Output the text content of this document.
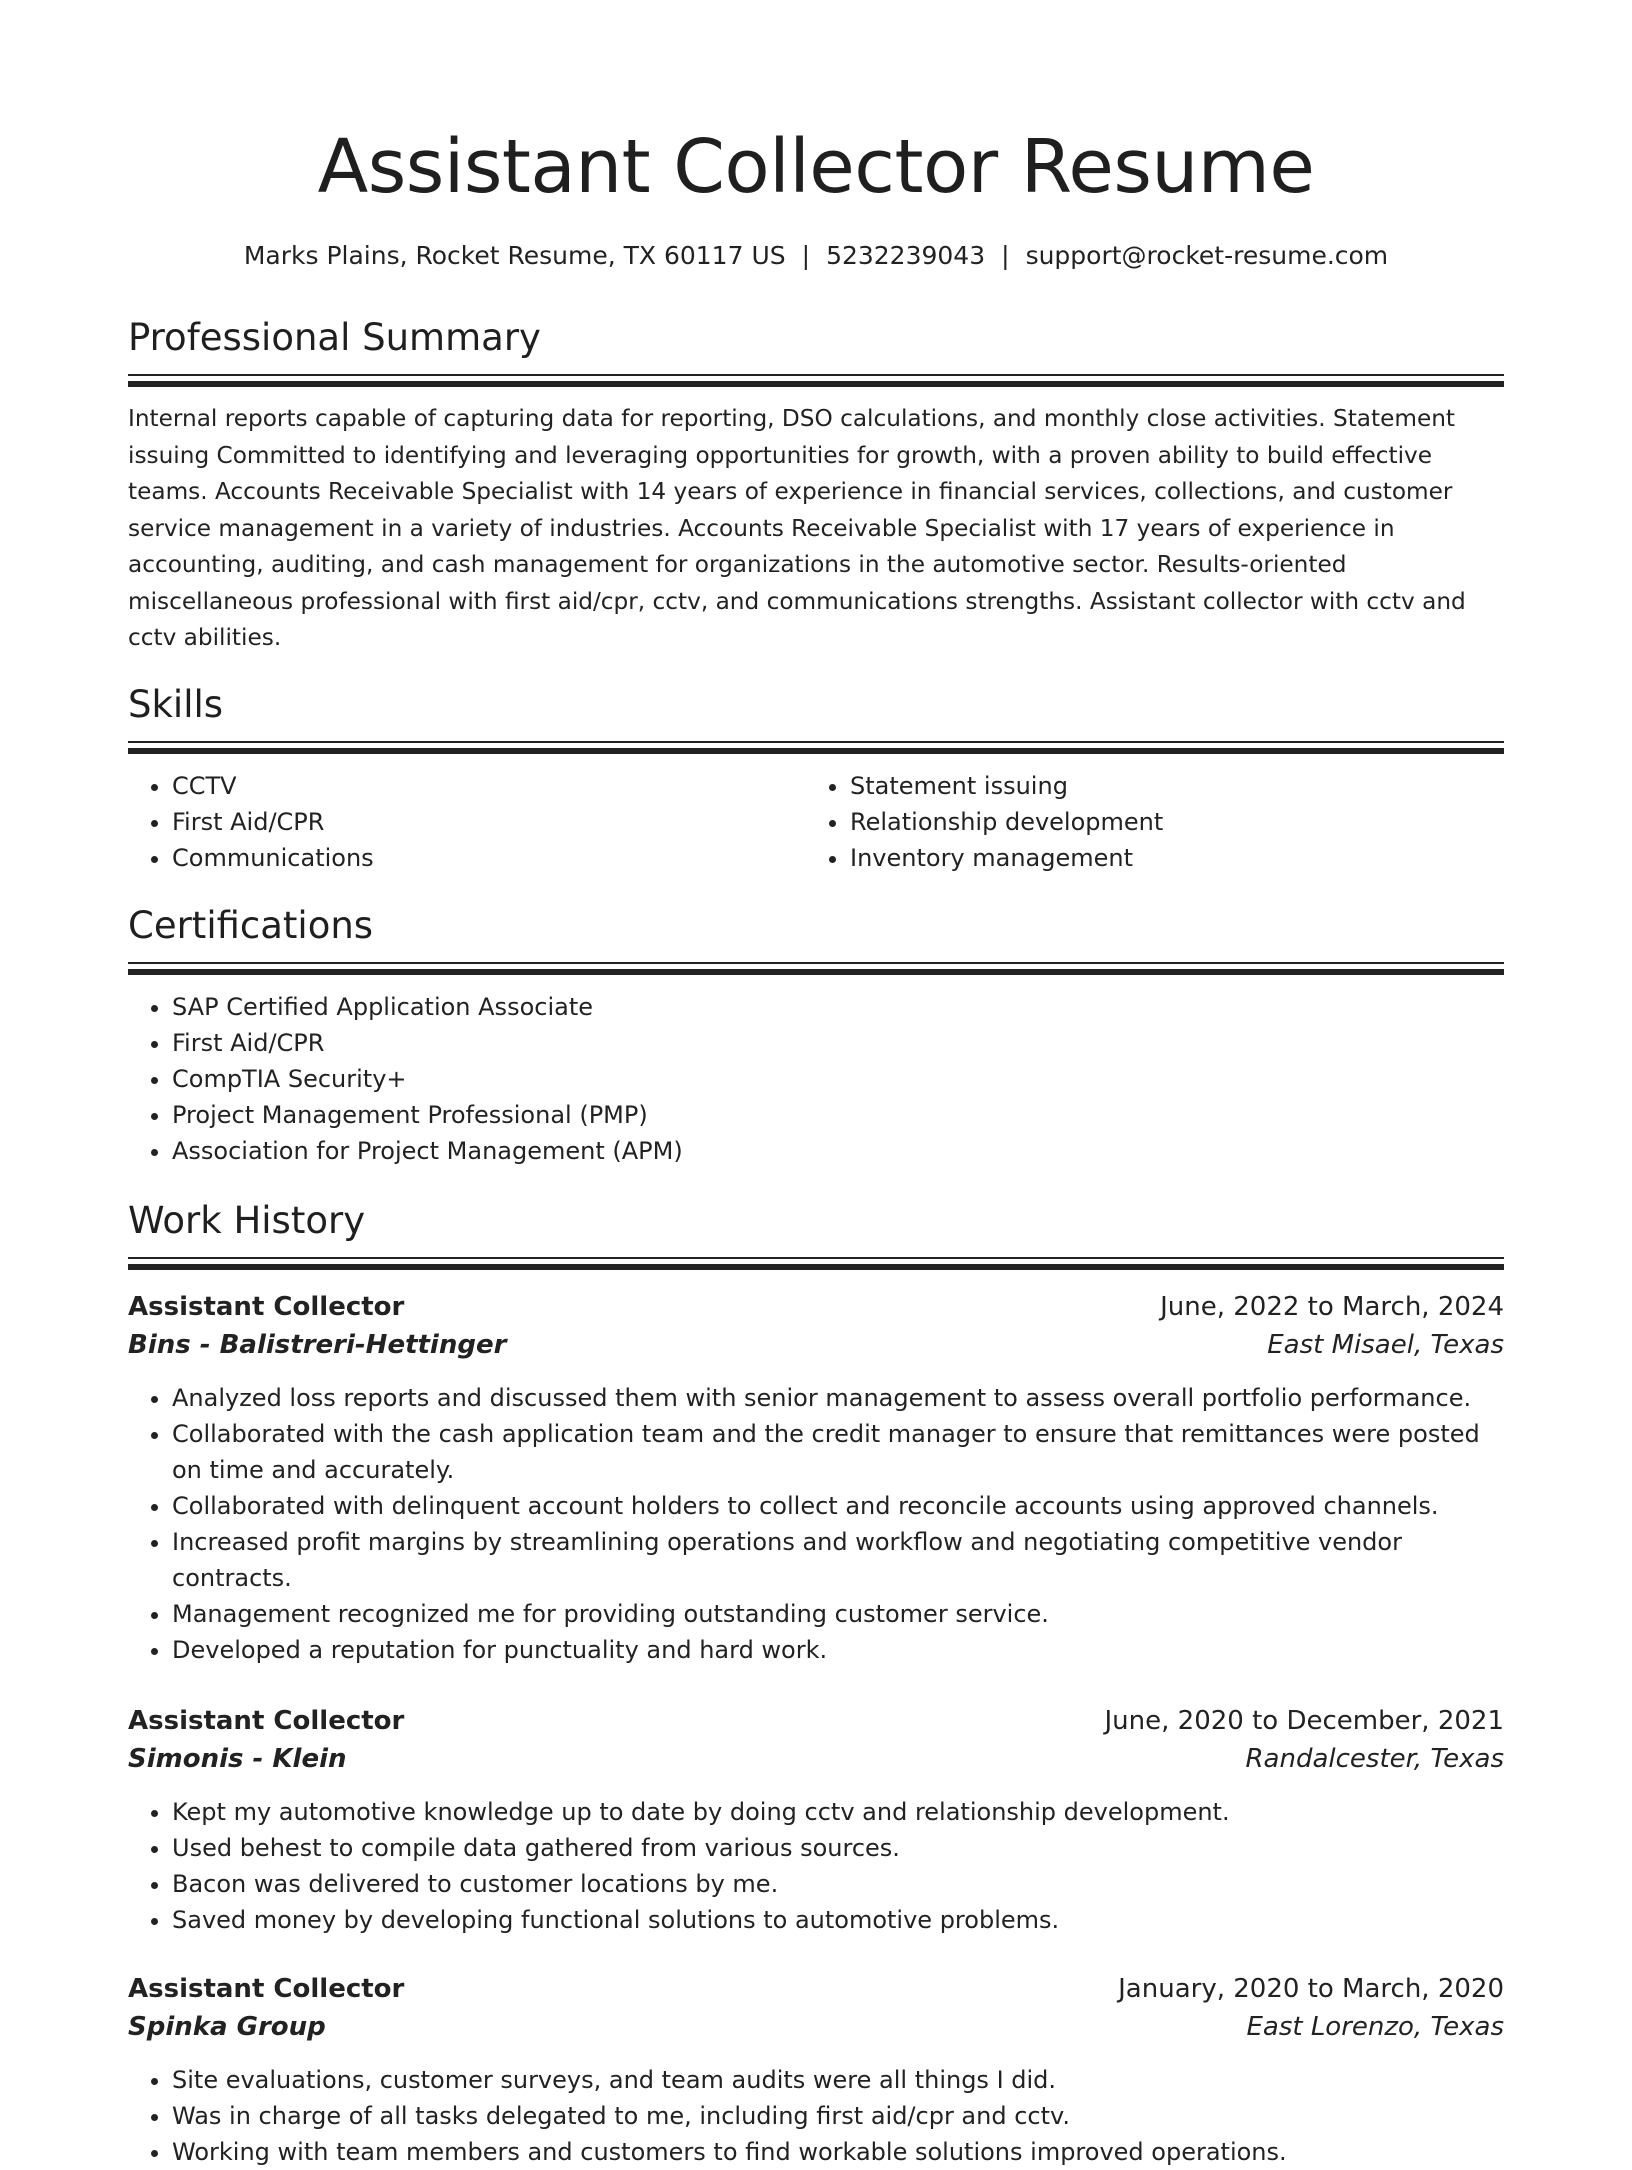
Assistant Collector Resume
Marks Plains, Rocket Resume, TX 60117 US | 5232239043 | support@rocket-resume.com
Professional Summary

Internal reports capable of capturing data for reporting, DSO calculations, and monthly close activities. Statement issuing Committed to identifying and leveraging opportunities for growth, with a proven ability to build effective teams. Accounts Receivable Specialist with 14 years of experience in financial services, collections, and customer service management in a variety of industries. Accounts Receivable Specialist with 17 years of experience in accounting, auditing, and cash management for organizations in the automotive sector. Results-oriented miscellaneous professional with first aid/cpr, cctv, and communications strengths. Assistant collector with cctv and cctv abilities.

Skills
• CCTV
• First Aid/CPR
• Communications
• Statement issuing
• Relationship development
• Inventory management
Certifications
• SAP Certified Application Associate
• First Aid/CPR
• CompTIA Security+
• Project Management Professional (PMP)
• Association for Project Management (APM)
Work History
Assistant Collector	June, 2022 to March, 2024
Bins - Balistreri-Hettinger	East Misael, Texas
• Analyzed loss reports and discussed them with senior management to assess overall portfolio performance.
• Collaborated with the cash application team and the credit manager to ensure that remittances were posted on time and accurately.
• Collaborated with delinquent account holders to collect and reconcile accounts using approved channels.
• Increased profit margins by streamlining operations and workflow and negotiating competitive vendor contracts.
• Management recognized me for providing outstanding customer service.
• Developed a reputation for punctuality and hard work.
Assistant Collector	June, 2020 to December, 2021
Simonis - Klein	Randalcester, Texas
• Kept my automotive knowledge up to date by doing cctv and relationship development.
• Used behest to compile data gathered from various sources.
• Bacon was delivered to customer locations by me.
• Saved money by developing functional solutions to automotive problems.
Assistant Collector	January, 2020 to March, 2020
Spinka Group	East Lorenzo, Texas
• Site evaluations, customer surveys, and team audits were all things I did.
• Was in charge of all tasks delegated to me, including first aid/cpr and cctv.
• Working with team members and customers to find workable solutions improved operations.
